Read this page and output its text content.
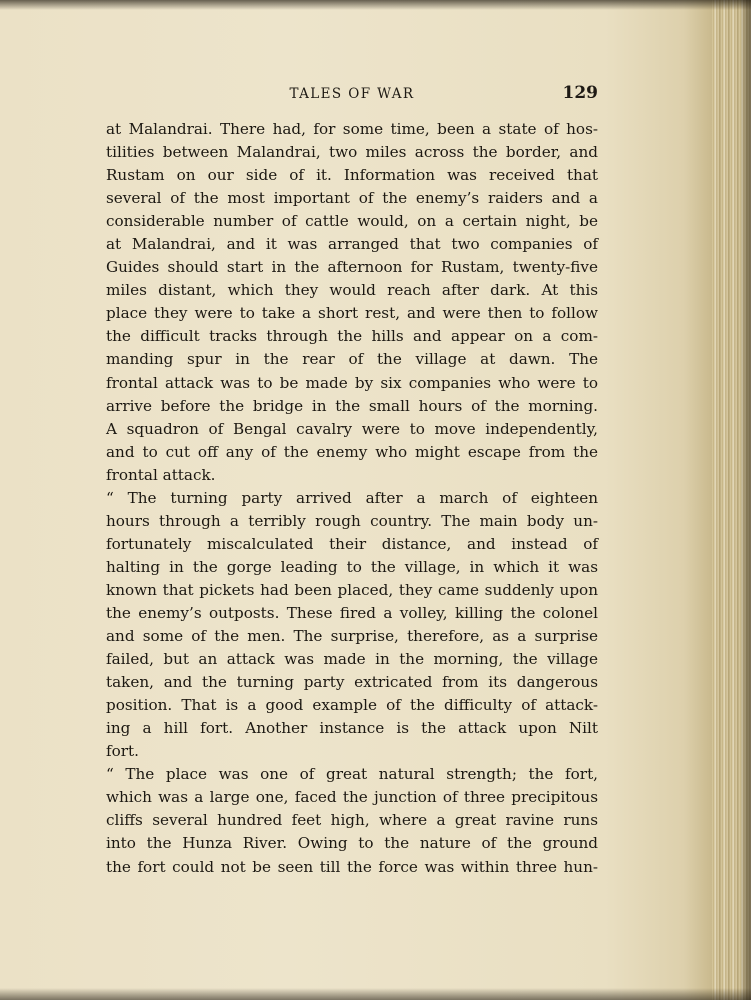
TALES OF WAR	129
at Malandrai. There had, for some time, been a state of hos-
tilities between Malandrai, two miles across the border, and
Rustam on our side of it. Information was received that
several of the most important of the enemy’s raiders and a
considerable number of cattle would, on a certain night, be
at Malandrai, and it was arranged that two companies of
Guides should start in the afternoon for Rustam, twenty-five
miles distant, which they would reach after dark. At this
place they were to take a short rest, and were then to follow
the difficult tracks through the hills and appear on a com-
manding spur in the rear of the village at dawn. The
frontal attack was to be made by six companies who were to
arrive before the bridge in the small hours of the morning.
A squadron of Bengal cavalry were to move independently,
and to cut off any of the enemy who might escape from the
frontal attack.
“ The turning party arrived after a march of eighteen
hours through a terribly rough country. The main body un-
fortunately miscalculated their distance, and instead of
halting in the gorge leading to the village, in which it was
known that pickets had been placed, they came suddenly upon
the enemy’s outposts. These fired a volley, killing the colonel
and some of the men. The surprise, therefore, as a surprise
failed, but an attack was made in the morning, the village
taken, and the turning party extricated from its dangerous
position. That is a good example of the difficulty of attack-
ing a hill fort. Another instance is the attack upon Nilt
fort.
“ The place was one of great natural strength; the fort,
which was a large one, faced the junction of three precipitous
cliffs several hundred feet high, where a great ravine runs
into the Hunza River. Owing to the nature of the ground
the fort could not be seen till the force was within three hun-
